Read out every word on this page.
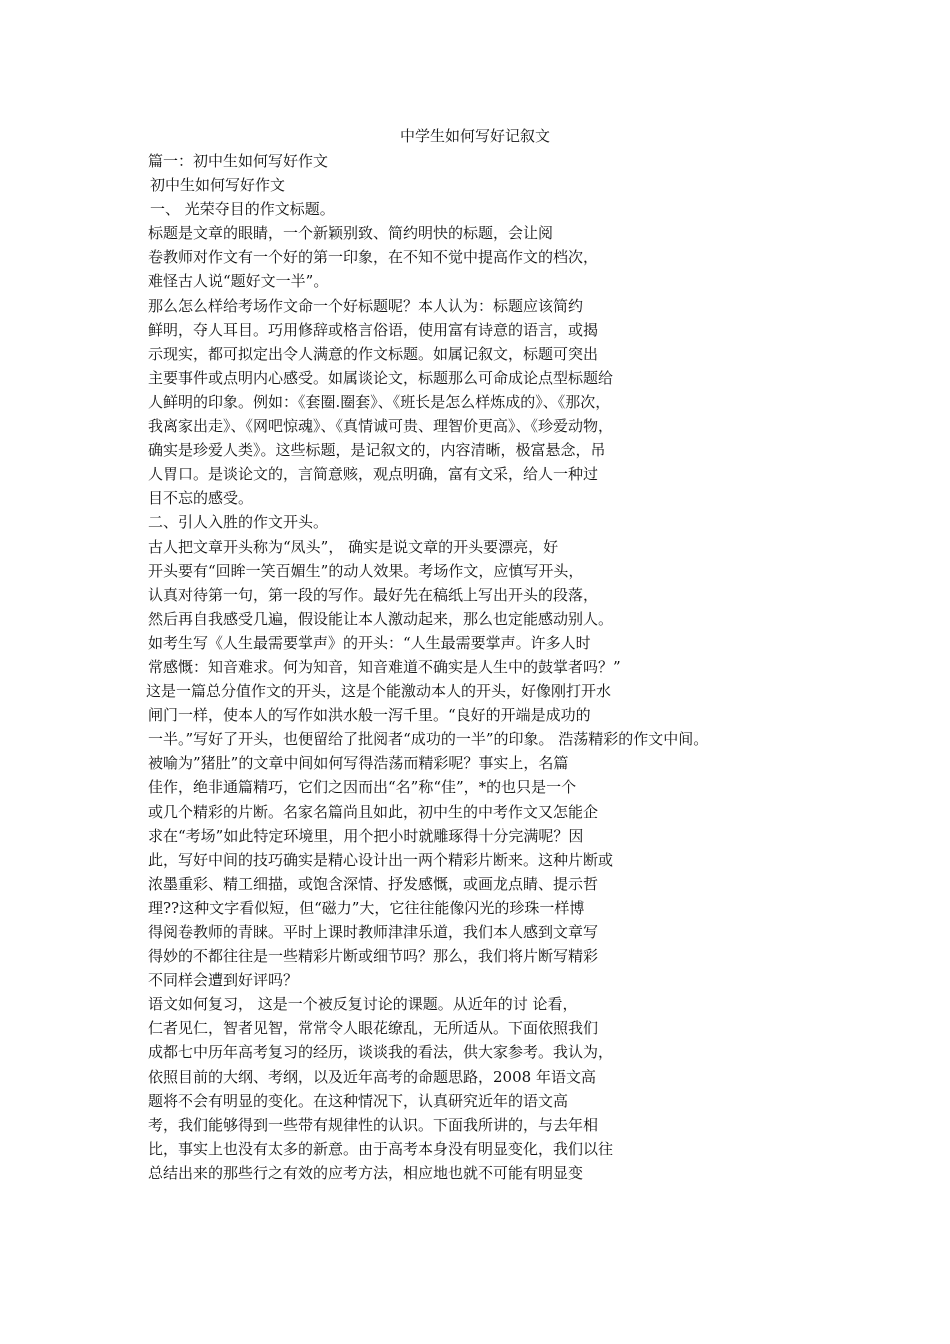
中学生如何写好记叙文
篇一：初中生如何写好作文
初中生如何写好作文
一、 光荣夺目的作文标题。
标题是文章的眼睛，一个新颖别致、简约明快的标题，会让阅
卷教师对作文有一个好的第一印象，在不知不觉中提高作文的档次，
难怪古人说“题好文一半”。
那么怎么样给考场作文命一个好标题呢？本人认为：标题应该简约
鲜明，夺人耳目。巧用修辞或格言俗语，使用富有诗意的语言，或揭
示现实，都可拟定出令人满意的作文标题。如属记叙文，标题可突出
主要事件或点明内心感受。如属谈论文，标题那么可命成论点型标题给
人鲜明的印象。例如：《套圈.圈套》、《班长是怎么样炼成的》、《那次，
我离家出走》、《网吧惊魂》、《真情诚可贵、理智价更高》、《珍爱动物，
确实是珍爱人类》。这些标题，是记叙文的，内容清晰，极富悬念，吊
人胃口。是谈论文的，言简意赅，观点明确，富有文采，给人一种过
目不忘的感受。
二、引人入胜的作文开头。
古人把文章开头称为“凤头”， 确实是说文章的开头要漂亮，好
开头要有“回眸一笑百媚生”的动人效果。考场作文，应慎写开头，
认真对待第一句，第一段的写作。最好先在稿纸上写出开头的段落，
然后再自我感受几遍，假设能让本人激动起来，那么也定能感动别人。
如考生写《人生最需要掌声》的开头：“人生最需要掌声。许多人时
常感慨：知音难求。何为知音，知音难道不确实是人生中的鼓掌者吗？”
这是一篇总分值作文的开头，这是个能激动本人的开头，好像刚打开水
闸门一样，使本人的写作如洪水般一泻千里。“良好的开端是成功的
一半。”写好了开头，也便留给了批阅者“成功的一半”的印象。 浩荡精彩的作文中间。
被喻为”猪肚”的文章中间如何写得浩荡而精彩呢？事实上，名篇
佳作，绝非通篇精巧，它们之因而出“名”称“佳”，*的也只是一个
或几个精彩的片断。名家名篇尚且如此，初中生的中考作文又怎能企
求在“考场”如此特定环境里，用个把小时就雕琢得十分完满呢？因
此，写好中间的技巧确实是精心设计出一两个精彩片断来。这种片断或
浓墨重彩、精工细描，或饱含深情、抒发感慨，或画龙点睛、提示哲
理??这种文字看似短，但“磁力”大，它往往能像闪光的珍珠一样博
得阅卷教师的青睐。平时上课时教师津津乐道，我们本人感到文章写
得妙的不都往往是一些精彩片断或细节吗？那么，我们将片断写精彩
不同样会遭到好评吗？
语文如何复习， 这是一个被反复讨论的课题。从近年的讨 论看，
仁者见仁，智者见智，常常令人眼花缭乱，无所适从。下面依照我们
成都七中历年高考复习的经历，谈谈我的看法，供大家参考。我认为，
依照目前的大纲、考纲，以及近年高考的命题思路，2008 年语文高
题将不会有明显的变化。在这种情况下，认真研究近年的语文高
考，我们能够得到一些带有规律性的认识。下面我所讲的，与去年相
比，事实上也没有太多的新意。由于高考本身没有明显变化，我们以往
总结出来的那些行之有效的应考方法，相应地也就不可能有明显变
